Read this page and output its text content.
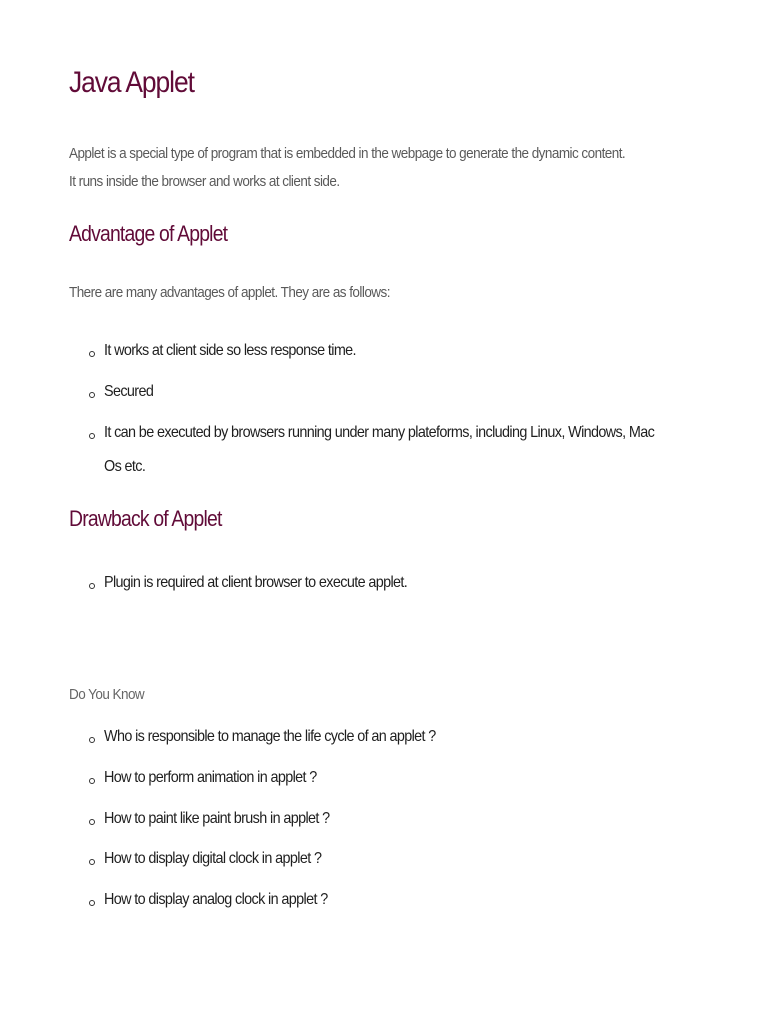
Java Applet

Applet is a special type of program that is embedded in the webpage to generate the dynamic content.

It runs inside the browser and works at client side.

Advantage of Applet

There are many advantages of applet. They are as follows:

It works at client side so less response time.
Secured
It can be executed by browsers running under many plateforms, including Linux, Windows, Mac
Os etc.
Drawback of Applet
Plugin is required at client browser to execute applet.

Do You Know

Who is responsible to manage the life cycle of an applet ?
How to perform animation in applet ?
How to paint like paint brush in applet ?
How to display digital clock in applet ?
How to display analog clock in applet ?
